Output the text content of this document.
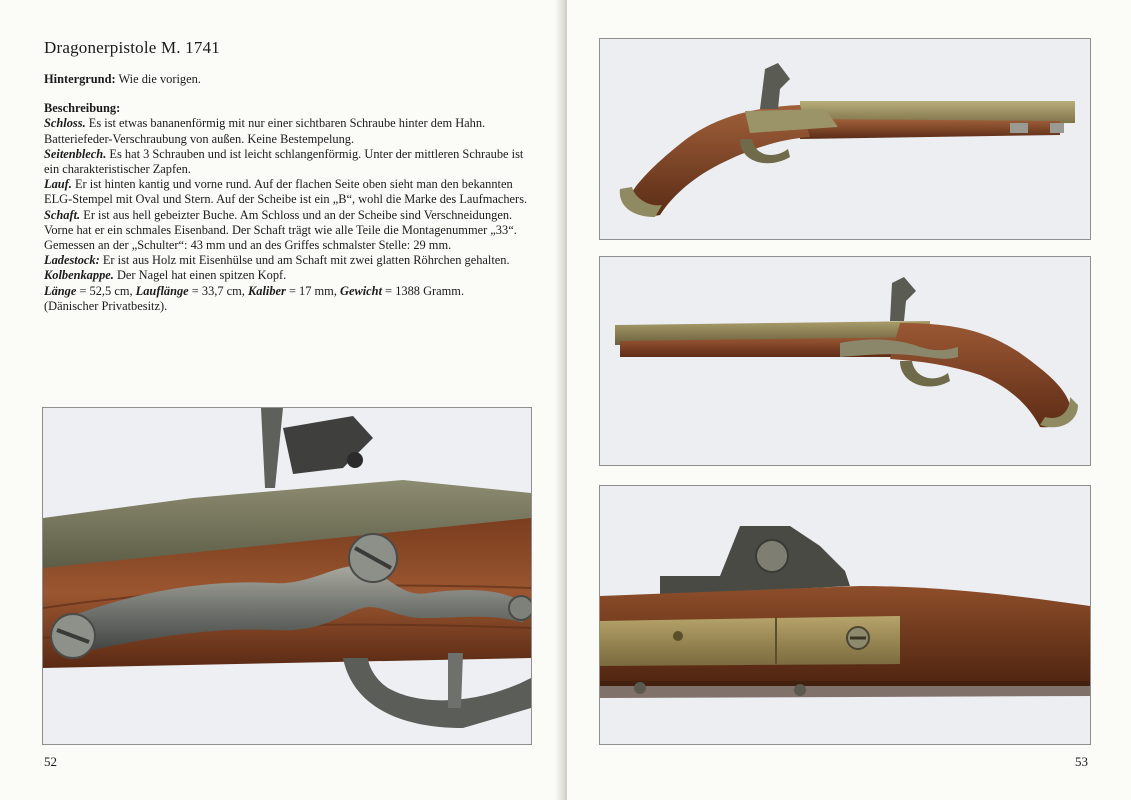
Dragonerpistole M. 1741

Hintergrund: Wie die vorigen.

Beschreibung:

Schloss. Es ist etwas bananenförmig mit nur einer sichtbaren Schraube hinter dem Hahn. Batteriefeder-Verschraubung von außen. Keine Bestempelung.

Seitenblech. Es hat 3 Schrauben und ist leicht schlangenförmig. Unter der mittleren Schraube ist ein charakteristischer Zapfen.

Lauf. Er ist hinten kantig und vorne rund. Auf der flachen Seite oben sieht man den bekannten ELG-Stempel mit Oval und Stern. Auf der Scheibe ist ein „B“, wohl die Marke des Laufmachers.

Schaft. Er ist aus hell gebeizter Buche. Am Schloss und an der Scheibe sind Verschneidungen. Vorne hat er ein schmales Eisenband. Der Schaft trägt wie alle Teile die Montagenummer „33“. Gemessen an der „Schulter“: 43 mm und an des Griffes schmalster Stelle: 29 mm.

Ladestock: Er ist aus Holz mit Eisenhülse und am Schaft mit zwei glatten Röhrchen gehalten.

Kolbenkappe. Der Nagel hat einen spitzen Kopf.

Länge = 52,5 cm, Lauflänge = 33,7 cm, Kaliber = 17 mm, Gewicht = 1388 Gramm.

(Dänischer Privatbesitz).

52	53
